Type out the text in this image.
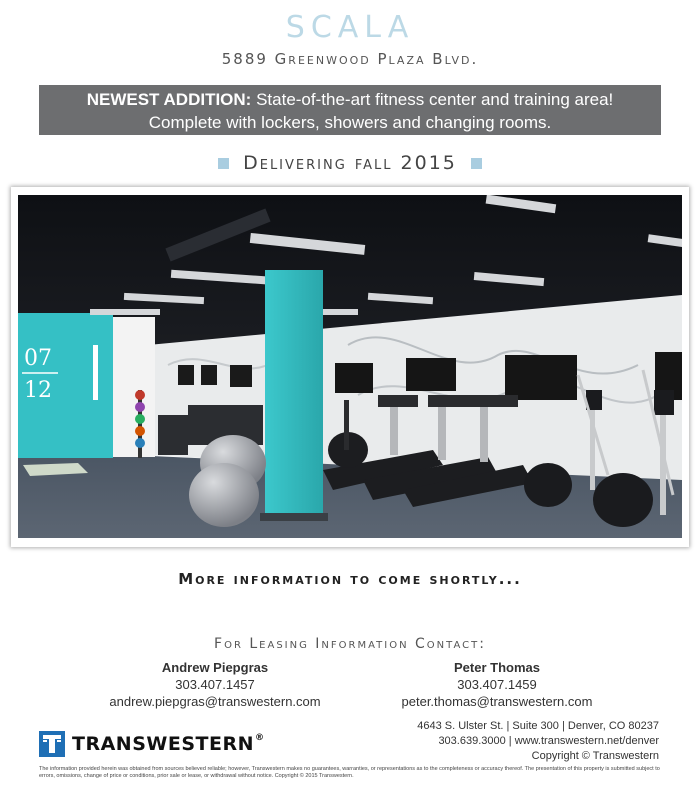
SCALA
5889 Greenwood Plaza Blvd.
NEWEST ADDITION: State-of-the-art fitness center and training area!
Complete with lockers, showers and changing rooms.
Delivering fall 2015
07
12
More information to come shortly...
For Leasing Information Contact:
Andrew Piepgras
303.407.1457
andrew.piepgras@transwestern.com
Peter Thomas
303.407.1459
peter.thomas@transwestern.com
TRANSWESTERN®
4643 S. Ulster St. | Suite 300 | Denver, CO 80237
303.639.3000 | www.transwestern.net/denver
Copyright © Transwestern
The information provided herein was obtained from sources believed reliable; however, Transwestern makes no guarantees, warranties, or representations as to the completeness or accuracy thereof. The presentation of this property is submitted subject to errors, omissions, change of price or conditions, prior sale or lease, or withdrawal without notice. Copyright © 2015 Transwestern.
